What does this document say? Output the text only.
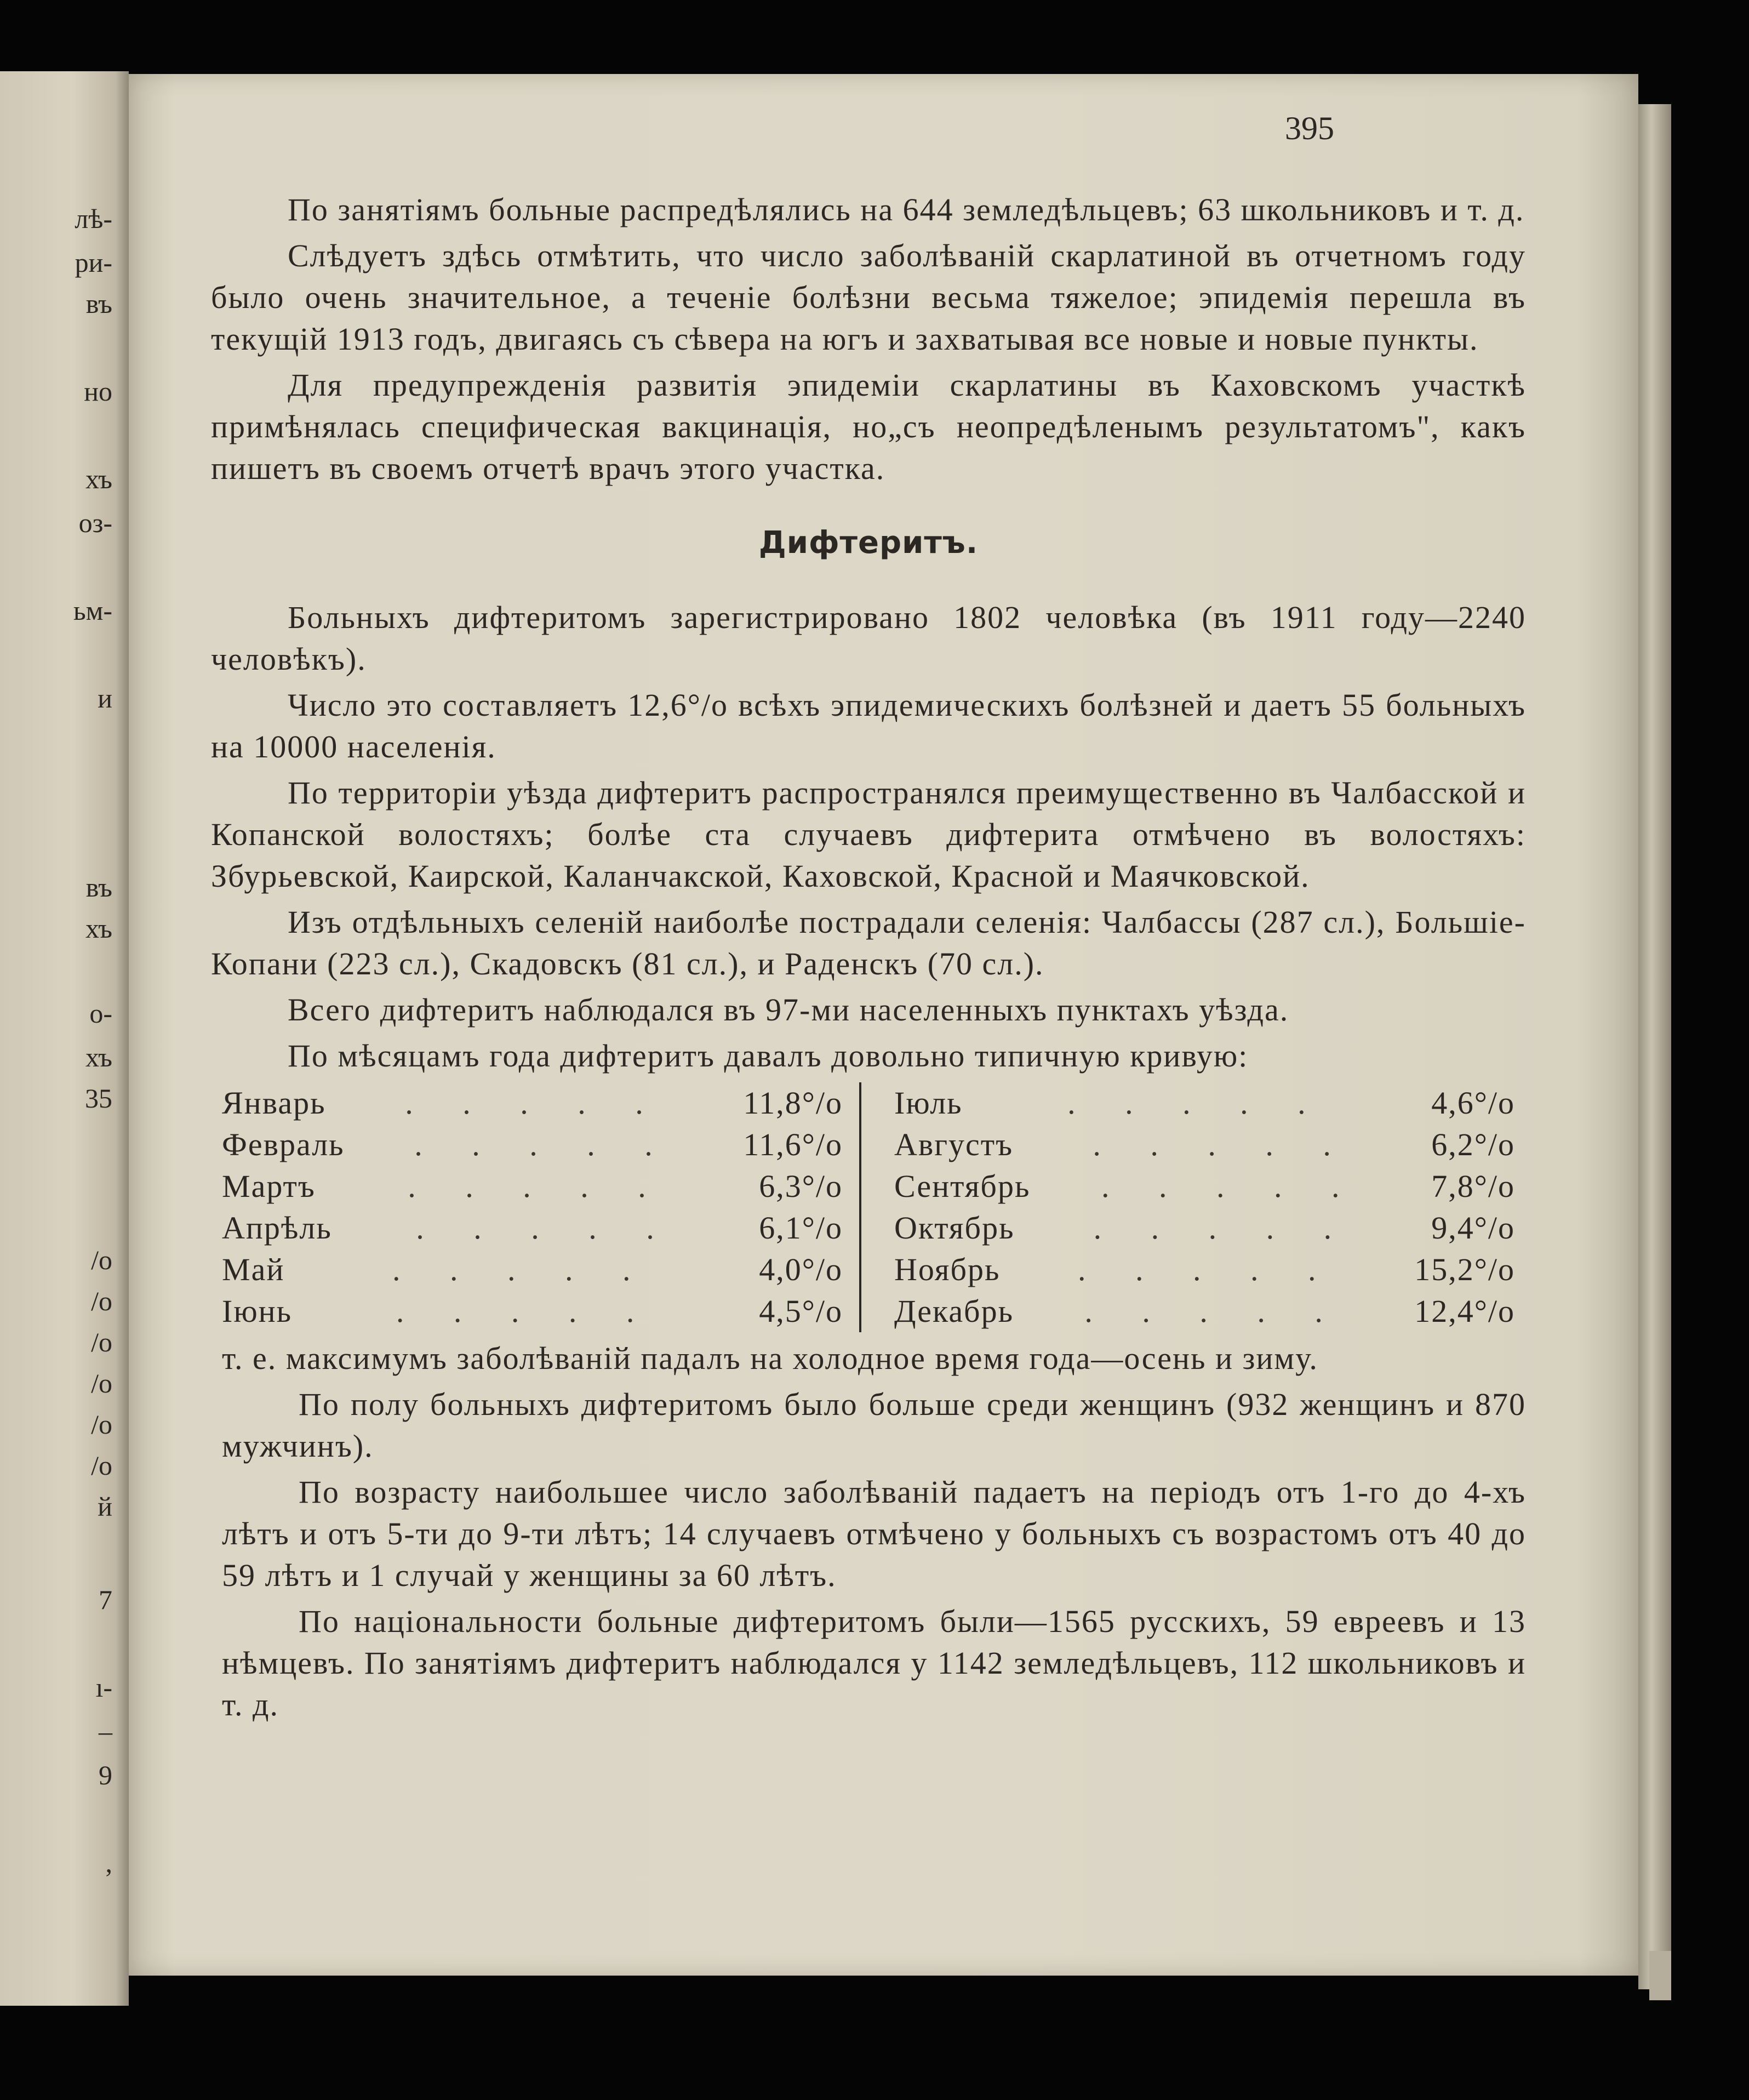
лѣ-
ри-
въ
но
хъ
оз-
ьм-
и
въ
хъ
о-
хъ
35
/о
/о
/о
/о
/о
/о
й
7
ı-
–
9
,
395

По занятіямъ больные распредѣлялись на 644 земледѣльцевъ; 63 школьниковъ и т. д.

Слѣдуетъ здѣсь отмѣтить, что число заболѣваній скарлатиной въ отчетномъ году было очень значительное, а теченіе болѣзни весьма тяжелое; эпидемія перешла въ текущій 1913 годъ, двигаясь съ сѣвера на югъ и захватывая все новые и новые пункты.

Для предупрежденія развитія эпидеміи скарлатины въ Каховскомъ участкѣ примѣнялась специфическая вакцинація, но„съ неопредѣленымъ результатомъ", какъ пишетъ въ своемъ отчетѣ врачъ этого участка.

Дифтеритъ.

Больныхъ дифтеритомъ зарегистрировано 1802 человѣка (въ 1911 году—2240 человѣкъ).

Число это составляетъ 12,6°/о всѣхъ эпидемическихъ болѣзней и даетъ 55 больныхъ на 10000 населенія.

По территоріи уѣзда дифтеритъ распространялся преимущественно въ Чалбасской и Копанской волостяхъ; болѣе ста случаевъ дифтерита отмѣчено въ волостяхъ: Збурьевской, Каирской, Каланчакской, Каховской, Красной и Маячковской.

Изъ отдѣльныхъ селеній наиболѣе пострадали селенія: Чалбассы (287 сл.), Большіе-Копани (223 сл.), Скадовскъ (81 сл.), и Раденскъ (70 сл.).

Всего дифтеритъ наблюдался въ 97-ми населенныхъ пунктахъ уѣзда.

По мѣсяцамъ года дифтеритъ давалъ довольно типичную кривую:

Январь	. . . . .	11,8°/о
Февраль	. . . . .	11,6°/о
Мартъ	. . . . .	6,3°/о
Апрѣль	. . . . .	6,1°/о
Май	. . . . .	4,0°/о
Іюнь	. . . . .	4,5°/о
Іюль	. . . . .	4,6°/о
Августъ	. . . . .	6,2°/о
Сентябрь	. . . . .	7,8°/о
Октябрь	. . . . .	9,4°/о
Ноябрь	. . . . .	15,2°/о
Декабрь	. . . . .	12,4°/о

т. е. максимумъ заболѣваній падалъ на холодное время года—осень и зиму.

По полу больныхъ дифтеритомъ было больше среди женщинъ (932 женщинъ и 870 мужчинъ).

По возрасту наибольшее число заболѣваній падаетъ на періодъ отъ 1-го до 4-хъ лѣтъ и отъ 5-ти до 9-ти лѣтъ; 14 случаевъ отмѣчено у больныхъ съ возрастомъ отъ 40 до 59 лѣтъ и 1 случай у женщины за 60 лѣтъ.

По національности больные дифтеритомъ были—1565 русскихъ, 59 евреевъ и 13 нѣмцевъ. По занятіямъ дифтеритъ наблюдался у 1142 земледѣльцевъ, 112 школьниковъ и т. д.
